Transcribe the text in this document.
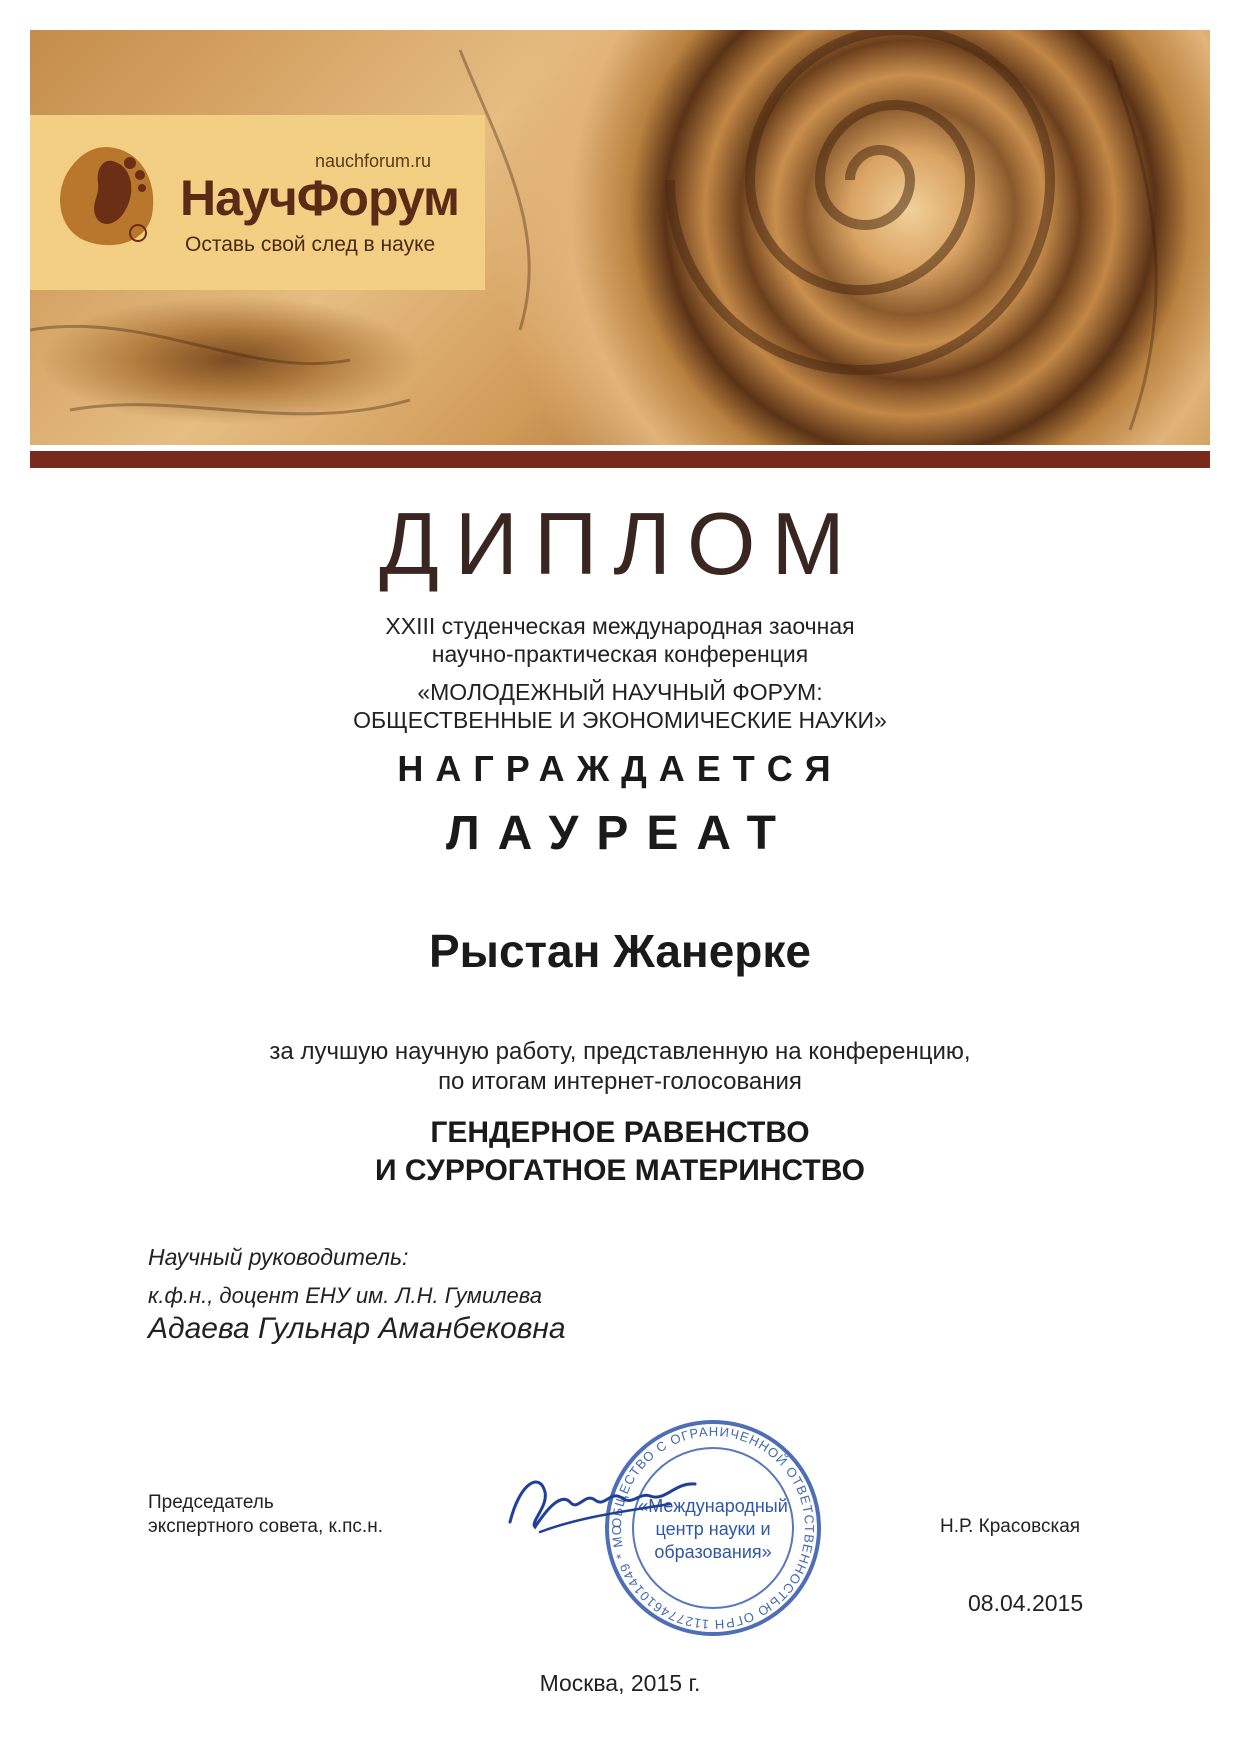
nauchforum.ru
НаучФорум
Оставь свой след в науке
ДИПЛОМ
XXIII студенческая международная заочная
научно-практическая конференция
«МОЛОДЕЖНЫЙ НАУЧНЫЙ ФОРУМ:
ОБЩЕСТВЕННЫЕ И ЭКОНОМИЧЕСКИЕ НАУКИ»
НАГРАЖДАЕТСЯ
ЛАУРЕАТ
Рыстан Жанерке
за лучшую научную работу, представленную на конференцию,
по итогам интернет-голосования
ГЕНДЕРНОЕ РАВЕНСТВО
И СУРРОГАТНОЕ МАТЕРИНСТВО
Научный руководитель:
к.ф.н., доцент ЕНУ им. Л.Н. Гумилева
Адаева Гульнар Аманбековна
Председатель
экспертного совета, к.пс.н.	ОБЩЕСТВО С ОГРАНИЧЕННОЙ ОТВЕТСТВЕННОСТЬЮ ОГРН 1127746101449 * МО
«Международный
центр науки и
образования»
Н.Р. Красовская
08.04.2015
Москва, 2015 г.
